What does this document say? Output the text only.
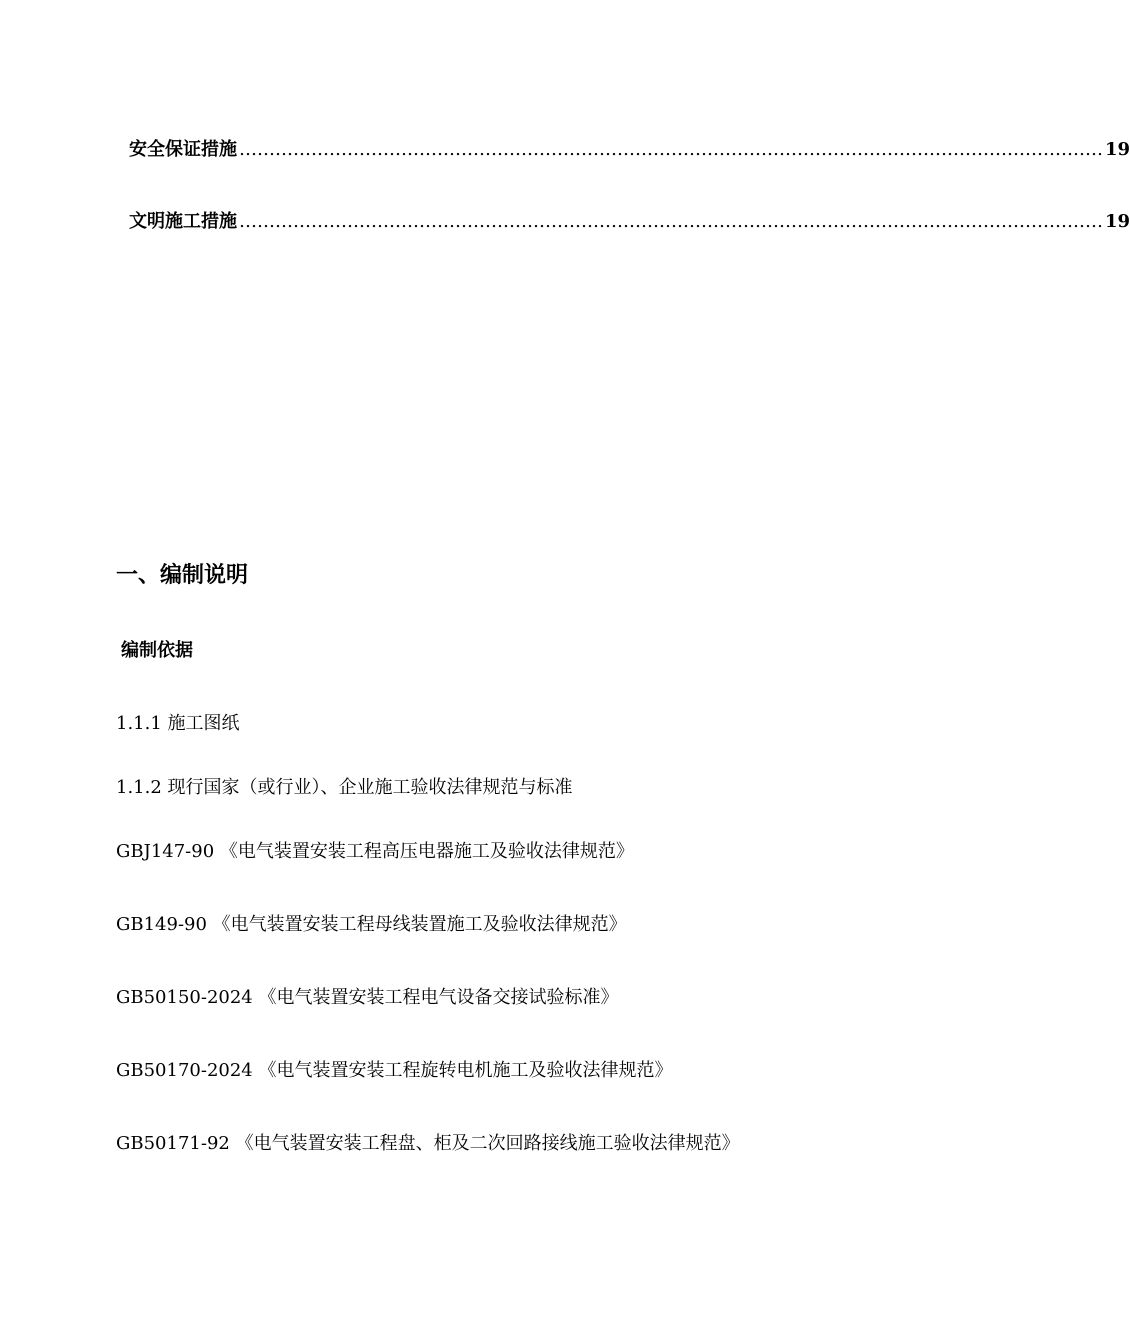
安全保证措施 ……………………………………………………………………………………………………………………………… 19
文明施工措施 ……………………………………………………………………………………………………………………………… 19
一、编制说明
编制依据
1.1.1 施工图纸
1.1.2 现行国家（或行业）、企业施工验收法律规范与标准
GBJ147-90 《电气装置安装工程高压电器施工及验收法律规范》
GB149-90 《电气装置安装工程母线装置施工及验收法律规范》
GB50150-2024 《电气装置安装工程电气设备交接试验标准》
GB50170-2024 《电气装置安装工程旋转电机施工及验收法律规范》
GB50171-92 《电气装置安装工程盘、柜及二次回路接线施工验收法律规范》
